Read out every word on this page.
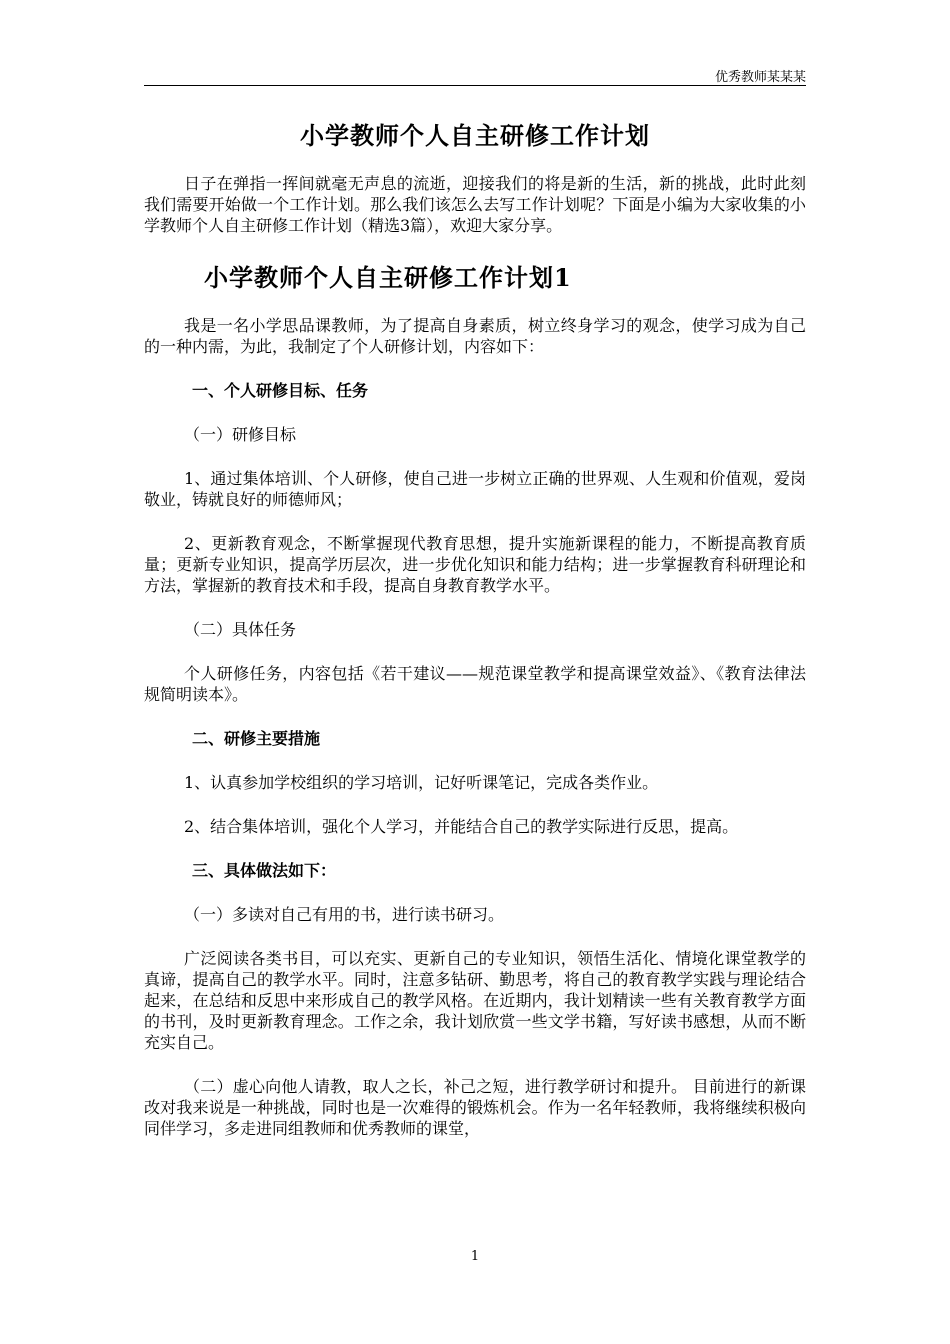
优秀教师某某某
小学教师个人自主研修工作计划

日子在弹指一挥间就毫无声息的流逝，迎接我们的将是新的生活，新的挑战，此时此刻我们需要开始做一个工作计划。那么我们该怎么去写工作计划呢？下面是小编为大家收集的小学教师个人自主研修工作计划（精选3篇），欢迎大家分享。

小学教师个人自主研修工作计划1

我是一名小学思品课教师，为了提高自身素质，树立终身学习的观念，使学习成为自己的一种内需，为此，我制定了个人研修计划，内容如下：

一、个人研修目标、任务

（一）研修目标

1、通过集体培训、个人研修，使自己进一步树立正确的世界观、人生观和价值观，爱岗敬业，铸就良好的师德师风；

2、更新教育观念，不断掌握现代教育思想，提升实施新课程的能力，不断提高教育质量；更新专业知识，提高学历层次，进一步优化知识和能力结构；进一步掌握教育科研理论和方法，掌握新的教育技术和手段，提高自身教育教学水平。

（二）具体任务

个人研修任务，内容包括《若干建议——规范课堂教学和提高课堂效益》、《教育法律法规简明读本》。

二、研修主要措施

1、认真参加学校组织的学习培训，记好听课笔记，完成各类作业。

2、结合集体培训，强化个人学习，并能结合自己的教学实际进行反思，提高。

三、具体做法如下：

（一）多读对自己有用的书，进行读书研习。

广泛阅读各类书目，可以充实、更新自己的专业知识，领悟生活化、情境化课堂教学的真谛，提高自己的教学水平。同时，注意多钻研、勤思考，将自己的教育教学实践与理论结合起来，在总结和反思中来形成自己的教学风格。在近期内，我计划精读一些有关教育教学方面的书刊，及时更新教育理念。工作之余，我计划欣赏一些文学书籍，写好读书感想，从而不断充实自己。

（二）虚心向他人请教，取人之长，补己之短，进行教学研讨和提升。 目前进行的新课改对我来说是一种挑战，同时也是一次难得的锻炼机会。作为一名年轻教师，我将继续积极向同伴学习，多走进同组教师和优秀教师的课堂，

1
